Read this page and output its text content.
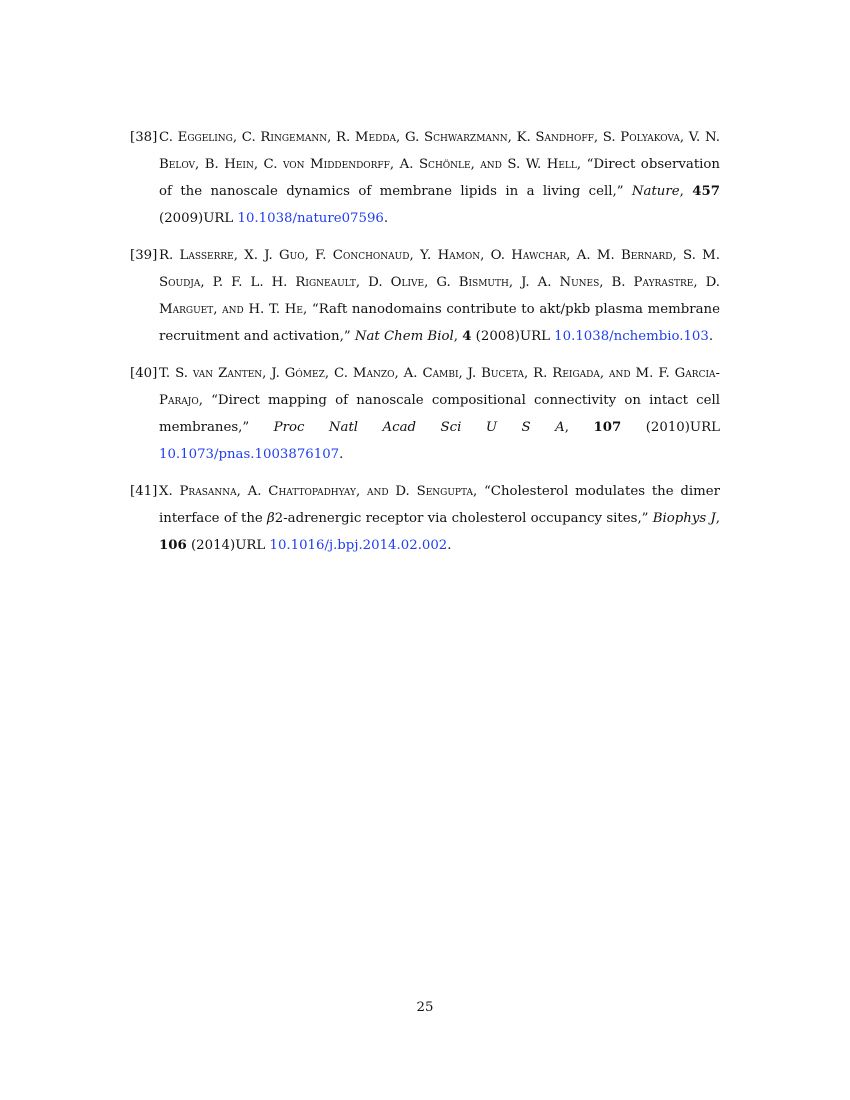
[38] C. Eggeling, C. Ringemann, R. Medda, G. Schwarzmann, K. Sandhoff, S. Polyakova, V. N. Belov, B. Hein, C. von Middendorff, A. Schönle, and S. W. Hell, “Direct observation of the nanoscale dynamics of membrane lipids in a living cell,” Nature, 457 (2009)URL 10.1038/nature07596.
[39] R. Lasserre, X. J. Guo, F. Conchonaud, Y. Hamon, O. Hawchar, A. M. Bernard, S. M. Soudja, P. F. L. H. Rigneault, D. Olive, G. Bismuth, J. A. Nunes, B. Payrastre, D. Marguet, and H. T. He, “Raft nanodomains contribute to akt/pkb plasma membrane recruitment and activation,” Nat Chem Biol, 4 (2008)URL 10.1038/nchembio.103.
[40] T. S. van Zanten, J. Gómez, C. Manzo, A. Cambi, J. Buceta, R. Reigada, and M. F. Garcia-Parajo, “Direct mapping of nanoscale compositional connectivity on intact cell membranes,” Proc Natl Acad Sci U S A, 107 (2010)URL 10.1073/pnas.1003876107.
[41] X. Prasanna, A. Chattopadhyay, and D. Sengupta, “Cholesterol modulates the dimer interface of the β2-adrenergic receptor via cholesterol occupancy sites,” Biophys J, 106 (2014)URL 10.1016/j.bpj.2014.02.002.
25
